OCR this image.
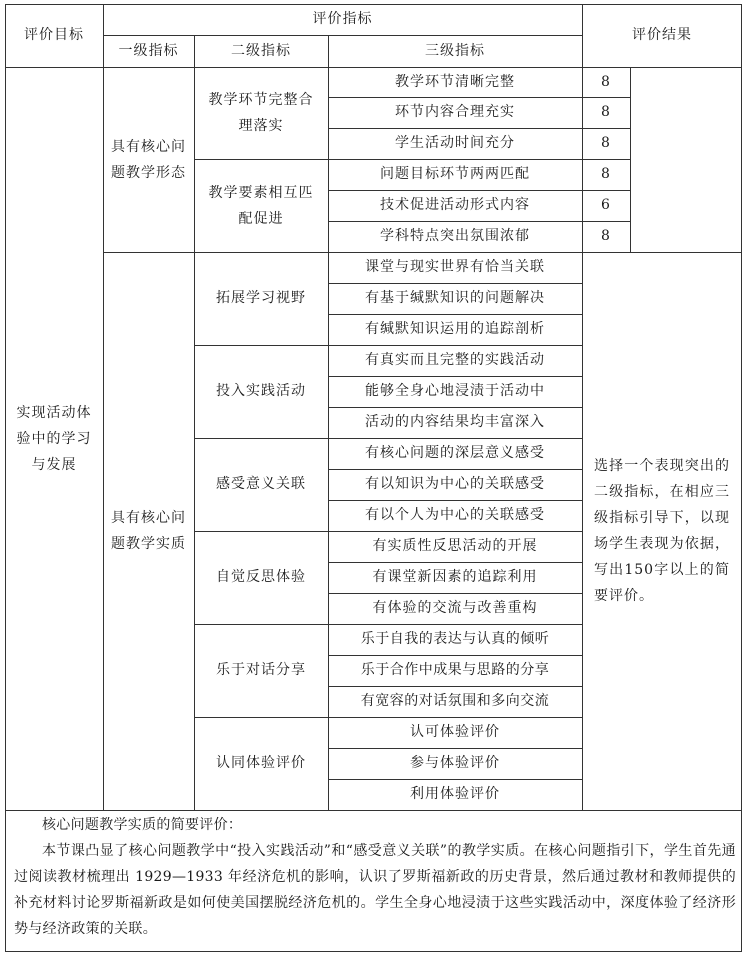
评价目标
评价指标
一级指标	二级指标	三级指标
评价结果
实现活动体验中的学习与发展
具有核心问题教学形态
具有核心问题教学实质
教学环节完整合理落实
教学要素相互匹配促进
拓展学习视野
投入实践活动
感受意义关联
自觉反思体验
乐于对话分享
认同体验评价
教学环节清晰完整
环节内容合理充实
学生活动时间充分
问题目标环节两两匹配
技术促进活动形式内容
学科特点突出氛围浓郁
课堂与现实世界有恰当关联
有基于缄默知识的问题解决
有缄默知识运用的追踪剖析
有真实而且完整的实践活动
能够全身心地浸渍于活动中
活动的内容结果均丰富深入
有核心问题的深层意义感受
有以知识为中心的关联感受
有以个人为中心的关联感受
有实质性反思活动的开展
有课堂新因素的追踪利用
有体验的交流与改善重构
乐于自我的表达与认真的倾听
乐于合作中成果与思路的分享
有宽容的对话氛围和多向交流
认可体验评价
参与体验评价
利用体验评价
8
8
8
8
6
8
选择一个表现突出的二级指标，在相应三级指标引导下，以现场学生表现为依据，写出150字以上的简要评价。

核心问题教学实质的简要评价：

本节课凸显了核心问题教学中“投入实践活动”和“感受意义关联”的教学实质。在核心问题指引下，学生首先通过阅读教材梳理出 1929—1933 年经济危机的影响，认识了罗斯福新政的历史背景，然后通过教材和教师提供的补充材料讨论罗斯福新政是如何使美国摆脱经济危机的。学生全身心地浸渍于这些实践活动中，深度体验了经济形势与经济政策的关联。
